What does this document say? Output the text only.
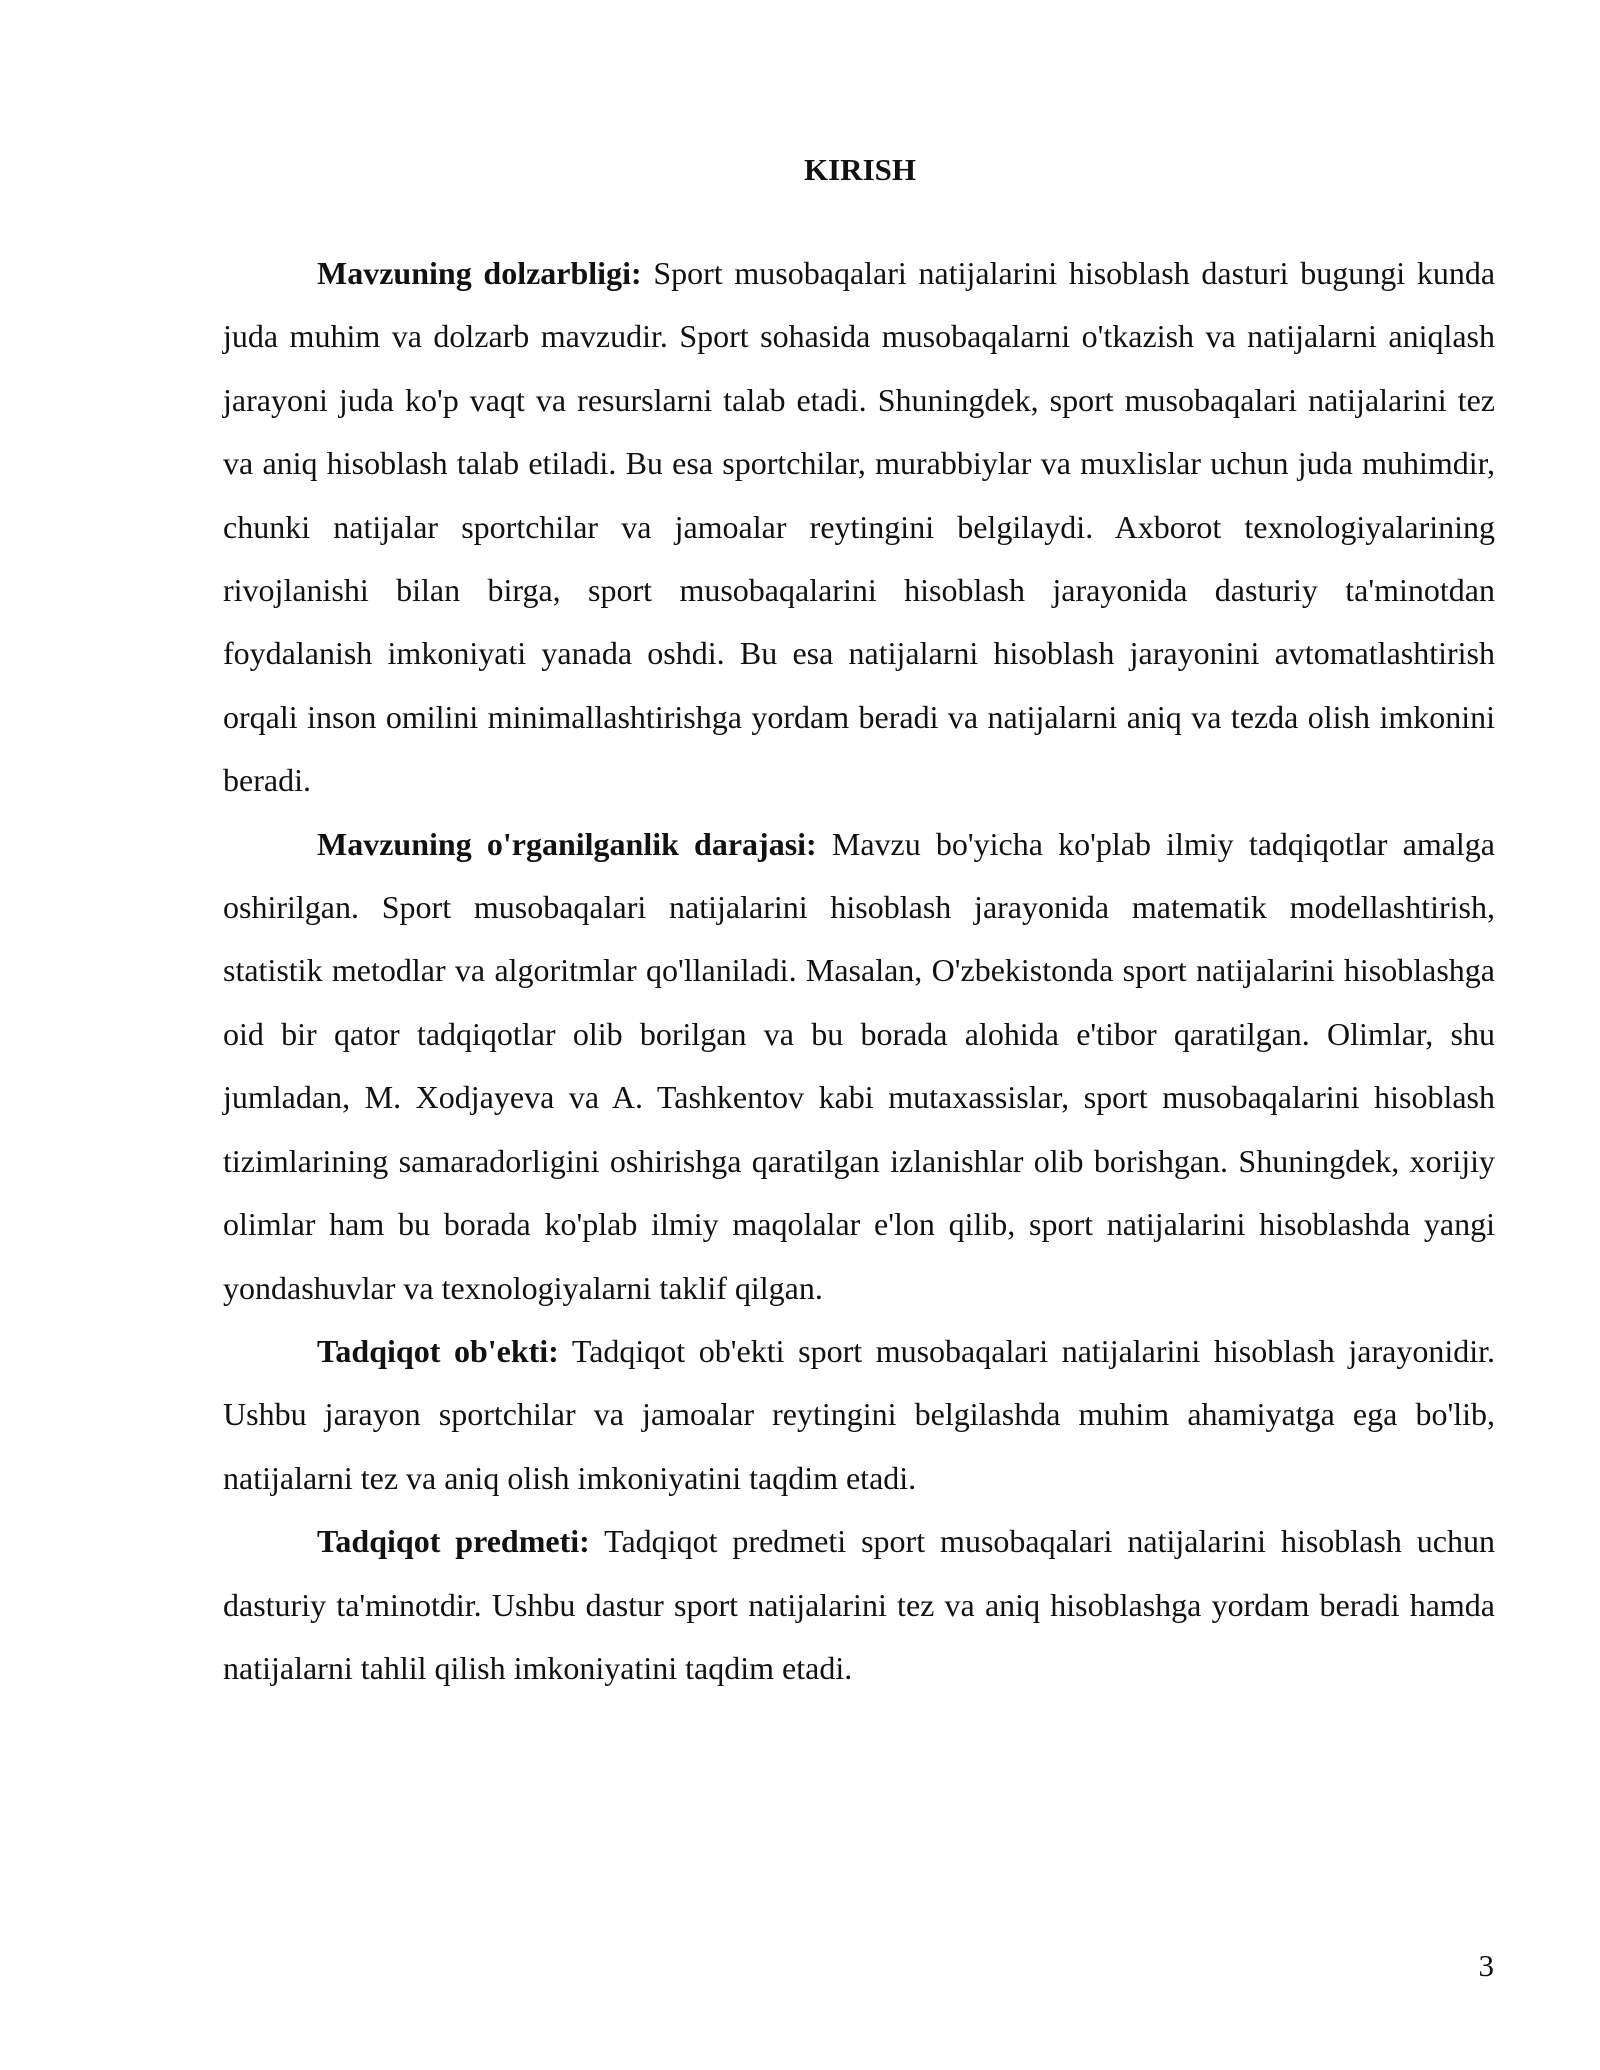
KIRISH

Mavzuning dolzarbligi: Sport musobaqalari natijalarini hisoblash dasturi bugungi kunda juda muhim va dolzarb mavzudir. Sport sohasida musobaqalarni o'tkazish va natijalarni aniqlash jarayoni juda ko'p vaqt va resurslarni talab etadi. Shuningdek, sport musobaqalari natijalarini tez va aniq hisoblash talab etiladi. Bu esa sportchilar, murabbiylar va muxlislar uchun juda muhimdir, chunki natijalar sportchilar va jamoalar reytingini belgilaydi. Axborot texnologiyalarining rivojlanishi bilan birga, sport musobaqalarini hisoblash jarayonida dasturiy ta'minotdan foydalanish imkoniyati yanada oshdi. Bu esa natijalarni hisoblash jarayonini avtomatlashtirish orqali inson omilini minimallashtirishga yordam beradi va natijalarni aniq va tezda olish imkonini beradi.

Mavzuning o'rganilganlik darajasi: Mavzu bo'yicha ko'plab ilmiy tadqiqotlar amalga oshirilgan. Sport musobaqalari natijalarini hisoblash jarayonida matematik modellashtirish, statistik metodlar va algoritmlar qo'llaniladi. Masalan, O'zbekistonda sport natijalarini hisoblashga oid bir qator tadqiqotlar olib borilgan va bu borada alohida e'tibor qaratilgan. Olimlar, shu jumladan, M. Xodjayeva va A. Tashkentov kabi mutaxassislar, sport musobaqalarini hisoblash tizimlarining samaradorligini oshirishga qaratilgan izlanishlar olib borishgan. Shuningdek, xorijiy olimlar ham bu borada ko'plab ilmiy maqolalar e'lon qilib, sport natijalarini hisoblashda yangi yondashuvlar va texnologiyalarni taklif qilgan.

Tadqiqot ob'ekti: Tadqiqot ob'ekti sport musobaqalari natijalarini hisoblash jarayonidir. Ushbu jarayon sportchilar va jamoalar reytingini belgilashda muhim ahamiyatga ega bo'lib, natijalarni tez va aniq olish imkoniyatini taqdim etadi.

Tadqiqot predmeti: Tadqiqot predmeti sport musobaqalari natijalarini hisoblash uchun dasturiy ta'minotdir. Ushbu dastur sport natijalarini tez va aniq hisoblashga yordam beradi hamda natijalarni tahlil qilish imkoniyatini taqdim etadi.

3
